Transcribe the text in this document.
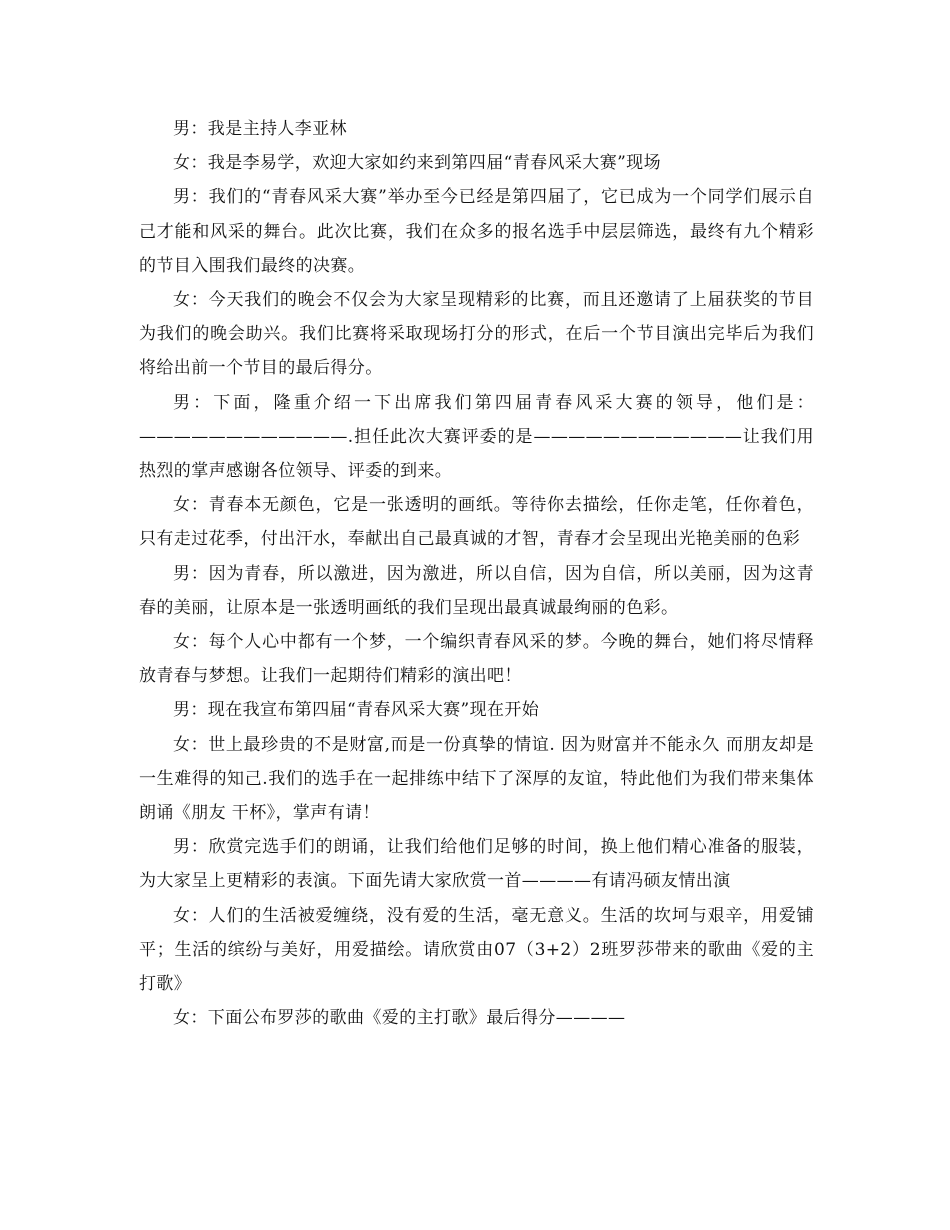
男：我是主持人李亚林

女：我是李易学，欢迎大家如约来到第四届“青春风采大赛”现场

男：我们的“青春风采大赛”举办至今已经是第四届了，它已成为一个同学们展示自己才能和风采的舞台。此次比赛，我们在众多的报名选手中层层筛选，最终有九个精彩的节目入围我们最终的决赛。

女：今天我们的晚会不仅会为大家呈现精彩的比赛，而且还邀请了上届获奖的节目为我们的晚会助兴。我们比赛将采取现场打分的形式，在后一个节目演出完毕后为我们将给出前一个节目的最后得分。

男：下面，隆重介绍一下出席我们第四届青春风采大赛的领导，他们是：————————————.担任此次大赛评委的是————————————让我们用热烈的掌声感谢各位领导、评委的到来。

女：青春本无颜色，它是一张透明的画纸。等待你去描绘，任你走笔，任你着色，只有走过花季，付出汗水，奉献出自己最真诚的才智，青春才会呈现出光艳美丽的色彩

男：因为青春，所以激进，因为激进，所以自信，因为自信，所以美丽，因为这青春的美丽，让原本是一张透明画纸的我们呈现出最真诚最绚丽的色彩。

女：每个人心中都有一个梦，一个编织青春风采的梦。今晚的舞台，她们将尽情释放青春与梦想。让我们一起期待们精彩的演出吧！

男：现在我宣布第四届“青春风采大赛”现在开始

女：世上最珍贵的不是财富,而是一份真挚的情谊. 因为财富并不能永久 而朋友却是一生难得的知己.我们的选手在一起排练中结下了深厚的友谊，特此他们为我们带来集体朗诵《朋友 干杯》，掌声有请！

男：欣赏完选手们的朗诵，让我们给他们足够的时间，换上他们精心准备的服装，为大家呈上更精彩的表演。下面先请大家欣赏一首————有请冯硕友情出演

女：人们的生活被爱缠绕，没有爱的生活，毫无意义。生活的坎坷与艰辛，用爱铺平；生活的缤纷与美好，用爱描绘。请欣赏由07（3+2）2班罗莎带来的歌曲《爱的主打歌》

女：下面公布罗莎的歌曲《爱的主打歌》最后得分————
